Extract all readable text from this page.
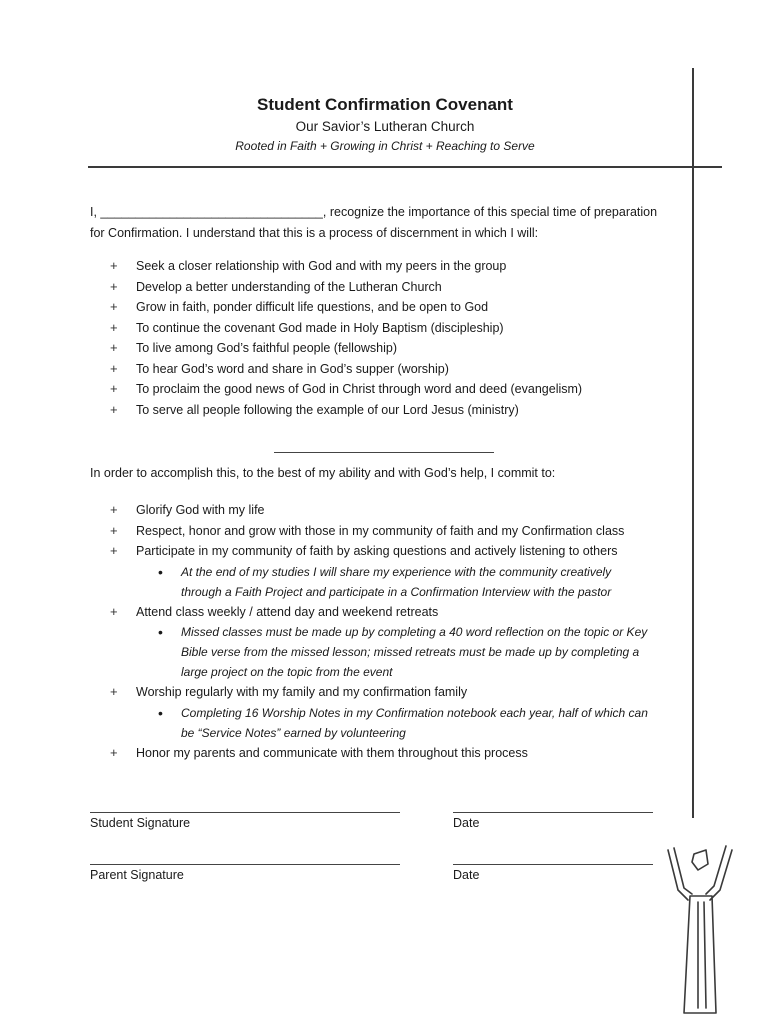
Student Confirmation Covenant
Our Savior’s Lutheran Church
Rooted in Faith + Growing in Christ + Reaching to Serve
I, ________________________________, recognize the importance of this special time of preparation
for Confirmation. I understand that this is a process of discernment in which I will:
+ Seek a closer relationship with God and with my peers in the group
+ Develop a better understanding of the Lutheran Church
+ Grow in faith, ponder difficult life questions, and be open to God
+ To continue the covenant God made in Holy Baptism (discipleship)
+ To live among God’s faithful people (fellowship)
+ To hear God’s word and share in God’s supper (worship)
+ To proclaim the good news of God in Christ through word and deed (evangelism)
+ To serve all people following the example of our Lord Jesus (ministry)
In order to accomplish this, to the best of my ability and with God’s help, I commit to:
+ Glorify God with my life
+ Respect, honor and grow with those in my community of faith and my Confirmation class
+ Participate in my community of faith by asking questions and actively listening to others
• At the end of my studies I will share my experience with the community creatively
through a Faith Project and participate in a Confirmation Interview with the pastor
+ Attend class weekly / attend day and weekend retreats
• Missed classes must be made up by completing a 40 word reflection on the topic or Key
Bible verse from the missed lesson; missed retreats must be made up by completing a
large project on the topic from the event
+ Worship regularly with my family and my confirmation family
• Completing 16 Worship Notes in my Confirmation notebook each year, half of which can
be “Service Notes” earned by volunteering
+ Honor my parents and communicate with them throughout this process
Student Signature	Date
Parent Signature	Date
